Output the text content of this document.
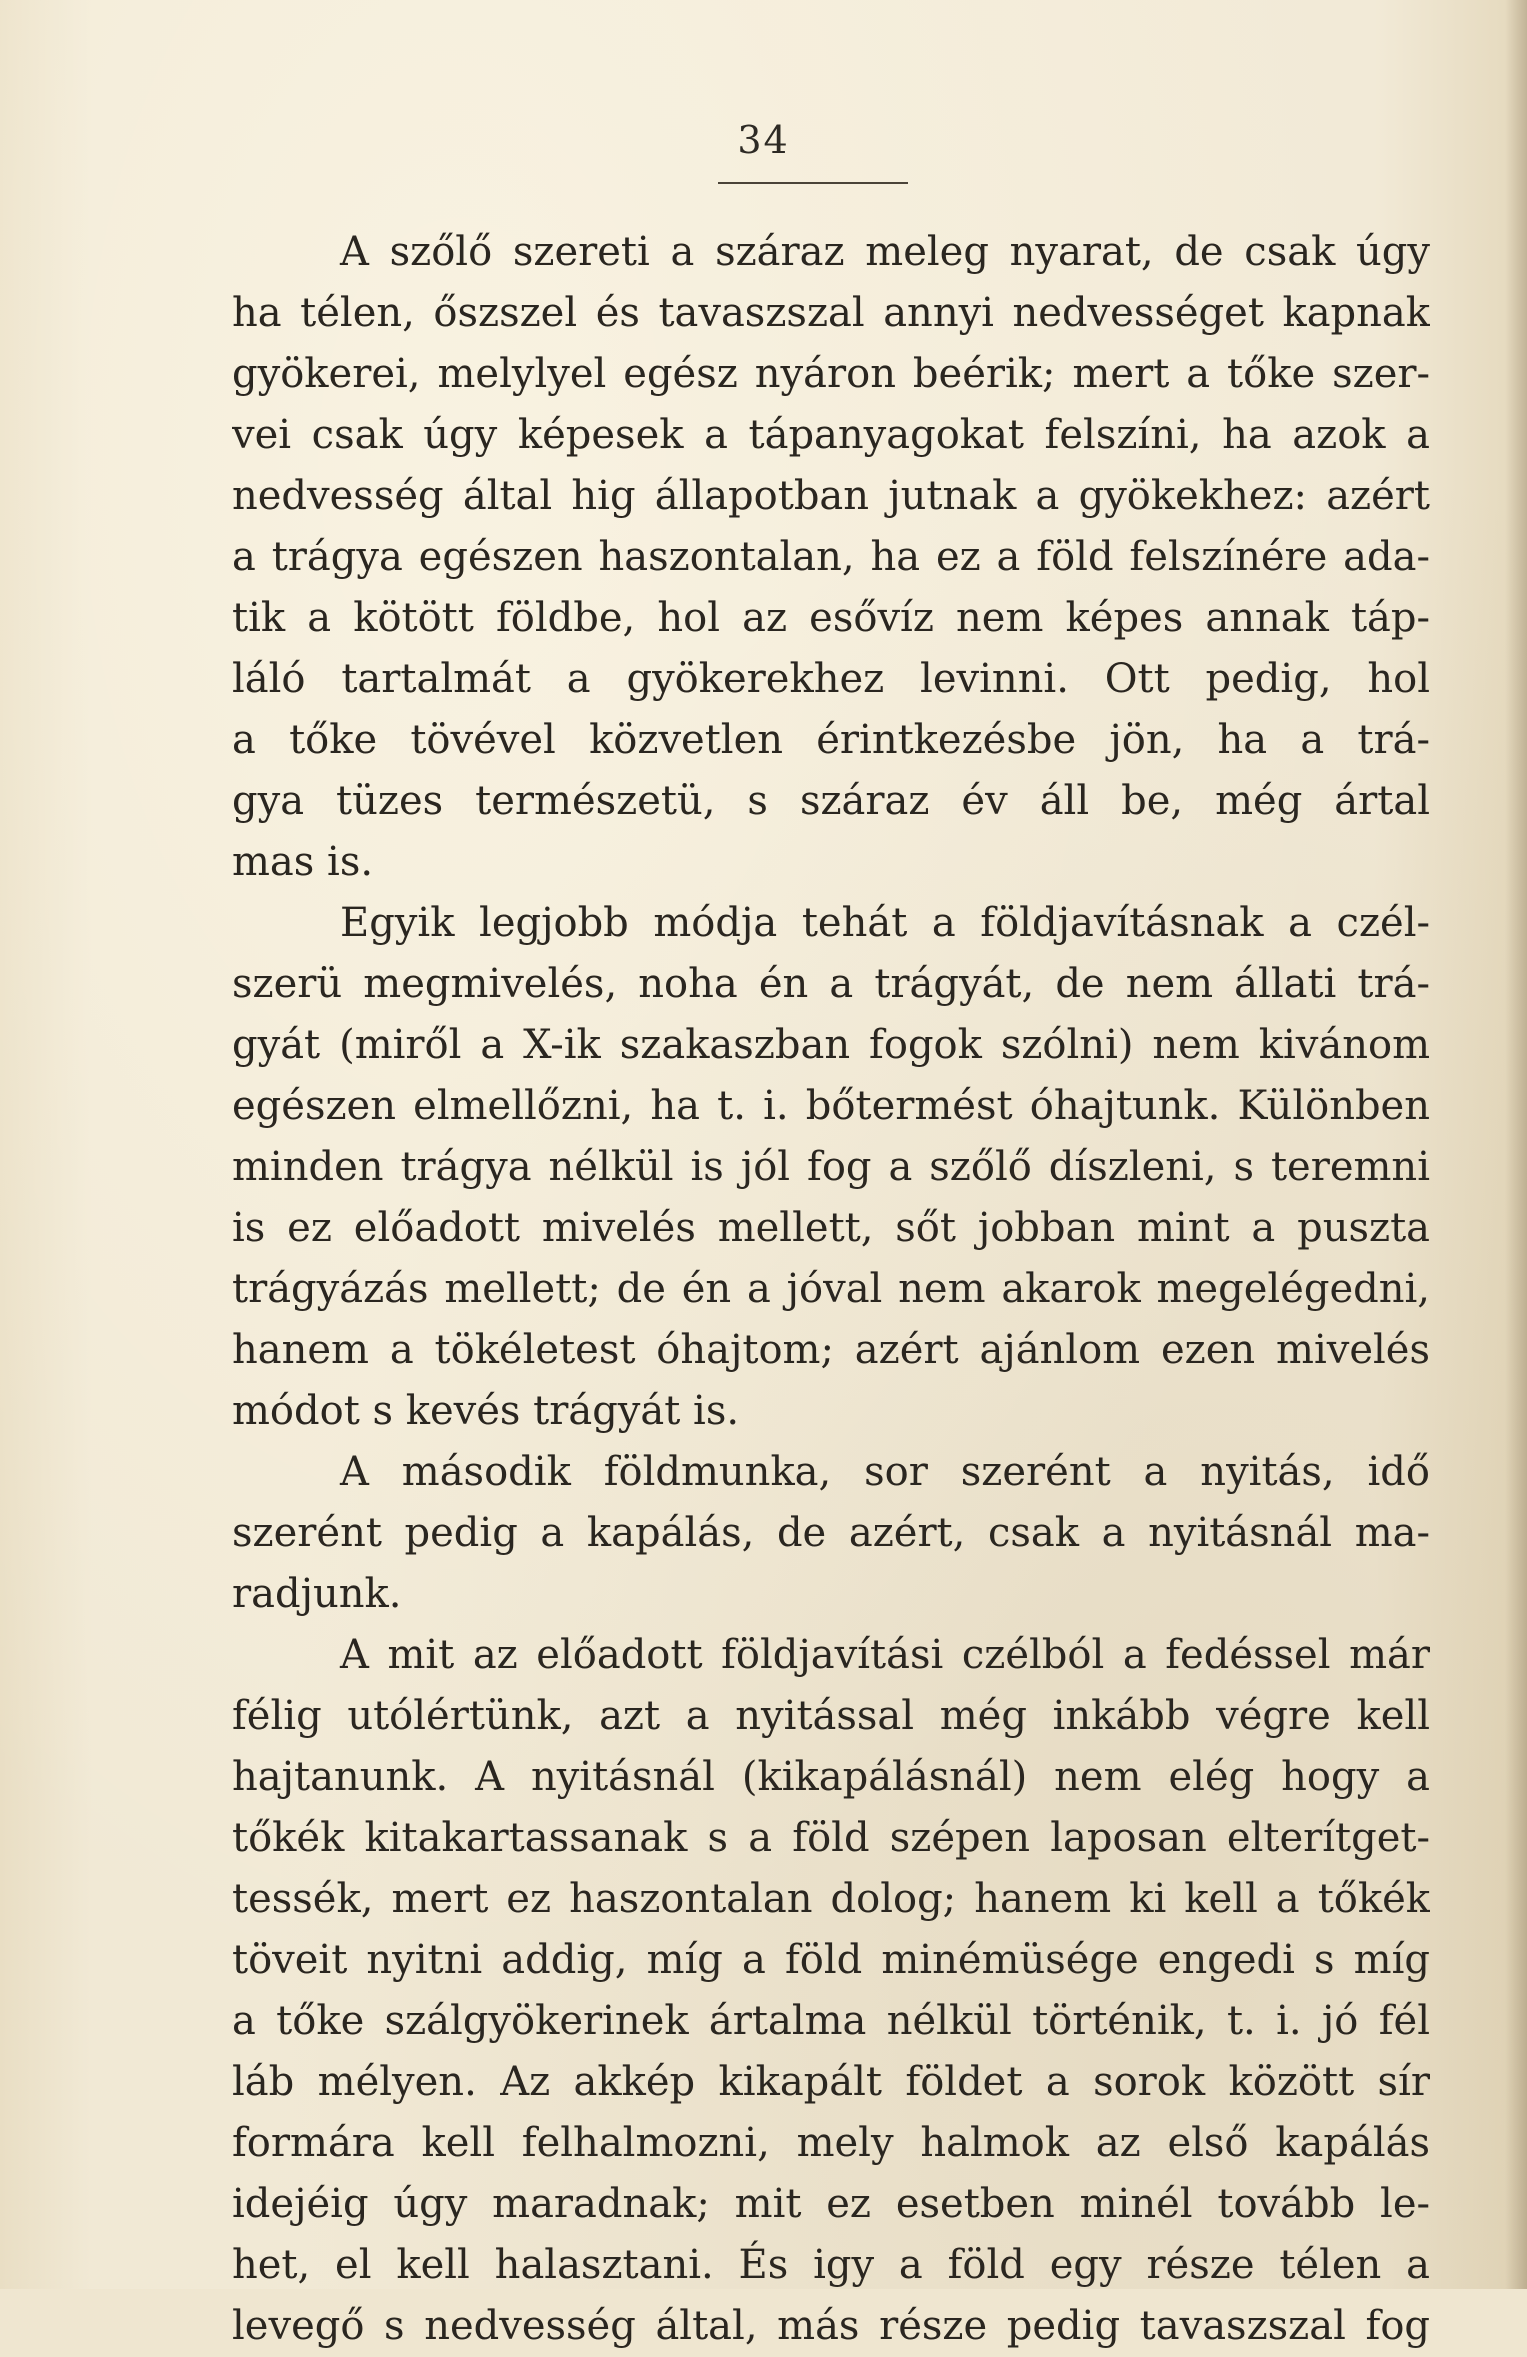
34
A szőlő szereti a száraz meleg nyarat, de csak úgy
ha télen, őszszel és tavaszszal annyi nedvességet kapnak
gyökerei, melylyel egész nyáron beérik; mert a tőke szer-
vei csak úgy képesek a tápanyagokat felszíni, ha azok a
nedvesség által hig állapotban jutnak a gyökekhez: azért
a trágya egészen haszontalan, ha ez a föld felszínére ada-
tik a kötött földbe, hol az esővíz nem képes annak táp-
láló tartalmát a gyökerekhez levinni. Ott pedig, hol
a tőke tövével közvetlen érintkezésbe jön, ha a trá-
gya tüzes természetü, s száraz év áll be, még ártal
mas is.
Egyik legjobb módja tehát a földjavításnak a czél-
szerü megmivelés, noha én a trágyát, de nem állati trá-
gyát (miről a X-ik szakaszban fogok szólni) nem kivánom
egészen elmellőzni, ha t. i. bőtermést óhajtunk. Különben
minden trágya nélkül is jól fog a szőlő díszleni, s teremni
is ez előadott mivelés mellett, sőt jobban mint a puszta
trágyázás mellett; de én a jóval nem akarok megelégedni,
hanem a tökéletest óhajtom; azért ajánlom ezen mivelés
módot s kevés trágyát is.
A második földmunka, sor szerént a nyitás, idő
szerént pedig a kapálás, de azért, csak a nyitásnál ma-
radjunk.
A mit az előadott földjavítási czélból a fedéssel már
félig utólértünk, azt a nyitással még inkább végre kell
hajtanunk. A nyitásnál (kikapálásnál) nem elég hogy a
tőkék kitakartassanak s a föld szépen laposan elterítget-
tessék, mert ez haszontalan dolog; hanem ki kell a tőkék
töveit nyitni addig, míg a föld minémüsége engedi s míg
a tőke szálgyökerinek ártalma nélkül történik, t. i. jó fél
láb mélyen. Az akkép kikapált földet a sorok között sír
formára kell felhalmozni, mely halmok az első kapálás
idejéig úgy maradnak; mit ez esetben minél tovább le-
het, el kell halasztani. És igy a föld egy része télen a
levegő s nedvesség által, más része pedig tavaszszal fog
